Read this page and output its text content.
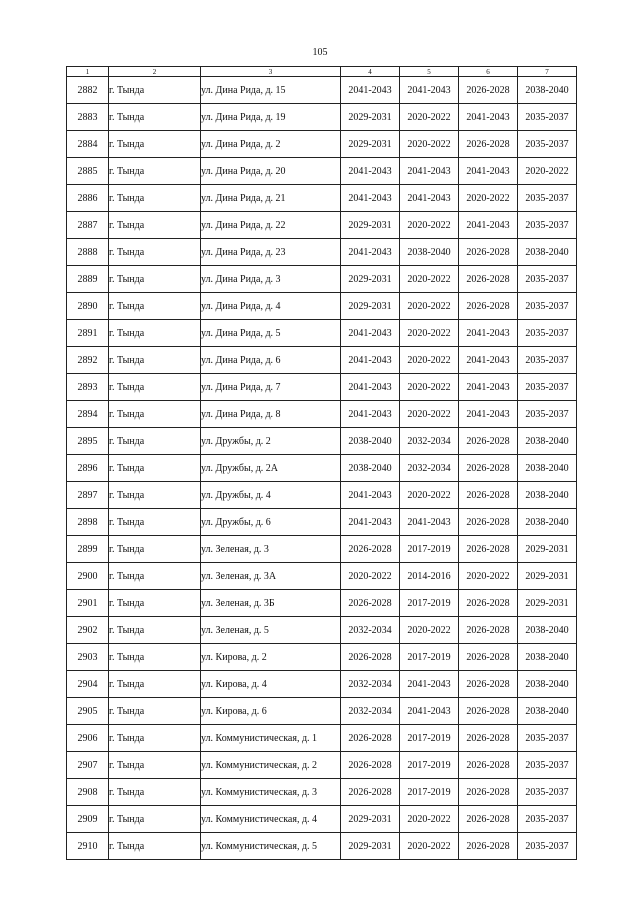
105
1	2	3	4	5	6	7
2882	г. Тында	ул. Дина Рида, д. 15	2041-2043	2041-2043	2026-2028	2038-2040
2883	г. Тында	ул. Дина Рида, д. 19	2029-2031	2020-2022	2041-2043	2035-2037
2884	г. Тында	ул. Дина Рида, д. 2	2029-2031	2020-2022	2026-2028	2035-2037
2885	г. Тында	ул. Дина Рида, д. 20	2041-2043	2041-2043	2041-2043	2020-2022
2886	г. Тында	ул. Дина Рида, д. 21	2041-2043	2041-2043	2020-2022	2035-2037
2887	г. Тында	ул. Дина Рида, д. 22	2029-2031	2020-2022	2041-2043	2035-2037
2888	г. Тында	ул. Дина Рида, д. 23	2041-2043	2038-2040	2026-2028	2038-2040
2889	г. Тында	ул. Дина Рида, д. 3	2029-2031	2020-2022	2026-2028	2035-2037
2890	г. Тында	ул. Дина Рида, д. 4	2029-2031	2020-2022	2026-2028	2035-2037
2891	г. Тында	ул. Дина Рида, д. 5	2041-2043	2020-2022	2041-2043	2035-2037
2892	г. Тында	ул. Дина Рида, д. 6	2041-2043	2020-2022	2041-2043	2035-2037
2893	г. Тында	ул. Дина Рида, д. 7	2041-2043	2020-2022	2041-2043	2035-2037
2894	г. Тында	ул. Дина Рида, д. 8	2041-2043	2020-2022	2041-2043	2035-2037
2895	г. Тында	ул. Дружбы, д. 2	2038-2040	2032-2034	2026-2028	2038-2040
2896	г. Тында	ул. Дружбы, д. 2А	2038-2040	2032-2034	2026-2028	2038-2040
2897	г. Тында	ул. Дружбы, д. 4	2041-2043	2020-2022	2026-2028	2038-2040
2898	г. Тында	ул. Дружбы, д. 6	2041-2043	2041-2043	2026-2028	2038-2040
2899	г. Тында	ул. Зеленая, д. 3	2026-2028	2017-2019	2026-2028	2029-2031
2900	г. Тында	ул. Зеленая, д. 3А	2020-2022	2014-2016	2020-2022	2029-2031
2901	г. Тында	ул. Зеленая, д. 3Б	2026-2028	2017-2019	2026-2028	2029-2031
2902	г. Тында	ул. Зеленая, д. 5	2032-2034	2020-2022	2026-2028	2038-2040
2903	г. Тында	ул. Кирова, д. 2	2026-2028	2017-2019	2026-2028	2038-2040
2904	г. Тында	ул. Кирова, д. 4	2032-2034	2041-2043	2026-2028	2038-2040
2905	г. Тында	ул. Кирова, д. 6	2032-2034	2041-2043	2026-2028	2038-2040
2906	г. Тында	ул. Коммунистическая, д. 1	2026-2028	2017-2019	2026-2028	2035-2037
2907	г. Тында	ул. Коммунистическая, д. 2	2026-2028	2017-2019	2026-2028	2035-2037
2908	г. Тында	ул. Коммунистическая, д. 3	2026-2028	2017-2019	2026-2028	2035-2037
2909	г. Тында	ул. Коммунистическая, д. 4	2029-2031	2020-2022	2026-2028	2035-2037
2910	г. Тында	ул. Коммунистическая, д. 5	2029-2031	2020-2022	2026-2028	2035-2037
